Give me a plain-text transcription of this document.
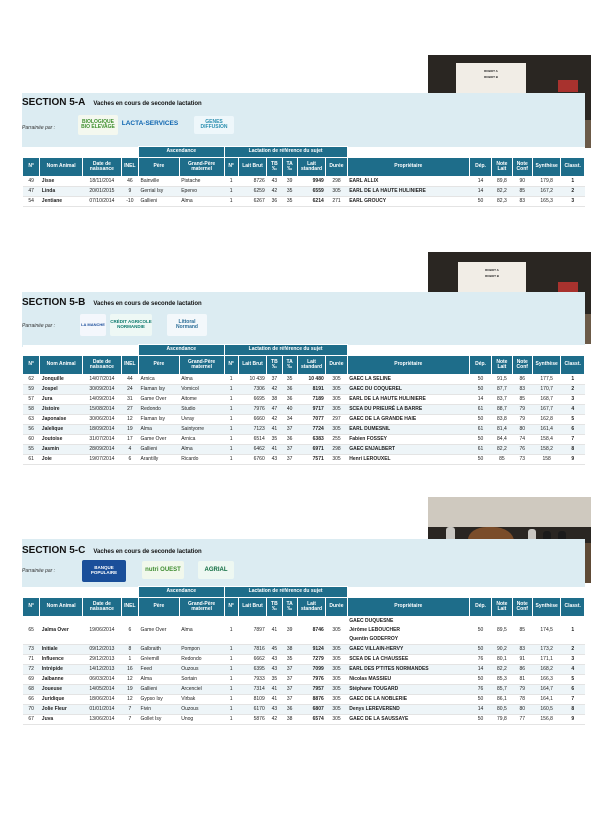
ROBOT A
ROBOT B
SECTION 5-A Vaches en cours de seconde lactation
Parrainée par :
BIOLOGIQUE BIO ÉLEVAGE	LACTA-SERVICES	GENES DIFFUSION
				Ascendance		Lactation de référence du sujet											
N°	Nom Animal	Date de naissance	INEL	Père	Grand-Père maternel	N°	Lait Brut	TB ‰	TA ‰	Lait standard	Durée	Propriétaire	Dép.	Note Lait	Note Conf	Synthèse	Classt.
49	Jisse	18/11/2014	46	Bainville	Pistache	1	8726	43	39	9949	298	EARL ALLIX	14	89,8	90	179,8	1
47	Linda	20/01/2015	9	Gerrial Isy	Epervo	1	6259	42	35	6559	305	EARL DE LA HAUTE HULINIERE	14	82,2	85	167,2	2
54	Jentiane	07/10/2014	-10	Gallieni	Alma	1	6267	36	35	6214	271	EARL GROUCY	50	82,3	83	165,3	3
ROBOT A
ROBOT B
SECTION 5-B Vaches en cours de seconde lactation
Parrainée par :	LA MANCHE
CRÉDIT AGRICOLE NORMANDIE
Littoral Normand
				Ascendance		Lactation de référence du sujet											
N°	Nom Animal	Date de naissance	INEL	Père	Grand-Père maternel	N°	Lait Brut	TB ‰	TA ‰	Lait standard	Durée	Propriétaire	Dép.	Note Lait	Note Conf	Synthèse	Classt.
62	Jonquille	14/07/2014	44	Arnica	Alma	1	10 439	37	35	10 480	305	GAEC LA SELINE	50	91,5	86	177,5	1
59	Jospel	30/09/2014	24	Flaman Isy	Vomicol	1	7306	42	36	8191	305	GAEC DU COQUEREL	50	87,7	83	170,7	2
57	Jura	14/09/2014	31	Game Over	Aitome	1	6695	38	36	7189	305	EARL DE LA HAUTE HULINIERE	14	83,7	85	168,7	3
58	Jistoire	15/08/2014	27	Redondo	Studio	1	7976	47	40	9717	305	SCEA DU PRIEURÉ LA BARRE	61	88,7	79	167,7	4
63	Japonaise	30/06/2014	12	Flaman Isy	Uvray	1	6660	42	34	7077	297	GAEC DE LA GRANDE HAIE	50	83,8	79	162,8	5
56	Jalelique	18/09/2014	19	Alma	Saintyorre	1	7123	41	37	7724	305	EARL DUMESNIL	61	81,4	80	161,4	6
60	Joutoise	31/07/2014	17	Game Over	Arnica	1	6514	35	36	6383	255	Fabien FOSSEY	50	84,4	74	158,4	7
55	Jasmin	28/09/2014	4	Gallieni	Alma	1	6462	41	37	6971	298	GAEC ENJALBERT	61	82,2	76	158,2	8
61	Joie	19/07/2014	6	Arantilly	Ricardo	1	6760	43	37	7571	305	Henri LEROUXEL	50	85	73	158	9
SECTION 5-C Vaches en cours de seconde lactation
Parrainée par :
BANQUE POPULAIRE	nutri OUEST	AGRIAL
				Ascendance		Lactation de référence du sujet											
N°	Nom Animal	Date de naissance	INEL	Père	Grand-Père maternel	N°	Lait Brut	TB ‰	TA ‰	Lait standard	Durée	Propriétaire	Dép.	Note Lait	Note Conf	Synthèse	Classt.
65	Jalma Over	19/06/2014	6	Game Over	Alma	1	7897	41	39	8746	305	GAEC DUQUESNE
Jérôme LEBOUCHER
Quentin GODEFROY	50	89,5	85	174,5	1
73	Initiale	09/12/2013	8	Galbraith	Pompon	1	7816	45	38	9124	305	GAEC VILLAIN-HERVY	50	90,2	83	173,2	2
71	Influence	29/12/2013	1	Gréemill	Redondo	1	6662	43	35	7279	305	SCEA DE LA CHAUSSEE	76	80,1	91	171,1	3
72	Intrépide	14/12/2013	16	Feed	Ouzous	1	6395	43	37	7099	305	EARL DES P'TITES NORMANDES	14	82,2	86	168,2	4
69	Jalbanne	06/03/2014	12	Alma	Sortain	1	7933	35	37	7976	305	Nicolas MASSIEU	50	85,3	81	166,3	5
68	Joueuse	14/05/2014	19	Gallieni	Arcenciel	1	7314	41	37	7957	305	Stéphane TOUGARD	76	85,7	79	164,7	6
66	Juridique	18/06/2014	12	Gypso Isy	Virbak	1	8109	41	37	8876	305	GAEC DE LA NOBLERIE	50	86,1	78	164,1	7
70	Jolie Fleur	01/01/2014	7	Fivin	Ouzous	1	6170	43	36	6807	305	Denys LEREVEREND	14	80,5	80	160,5	8
67	Juva	13/06/2014	7	Gollet Isy	Unog	1	5876	42	38	6574	305	GAEC DE LA SAUSSAYE	50	79,8	77	156,8	9
